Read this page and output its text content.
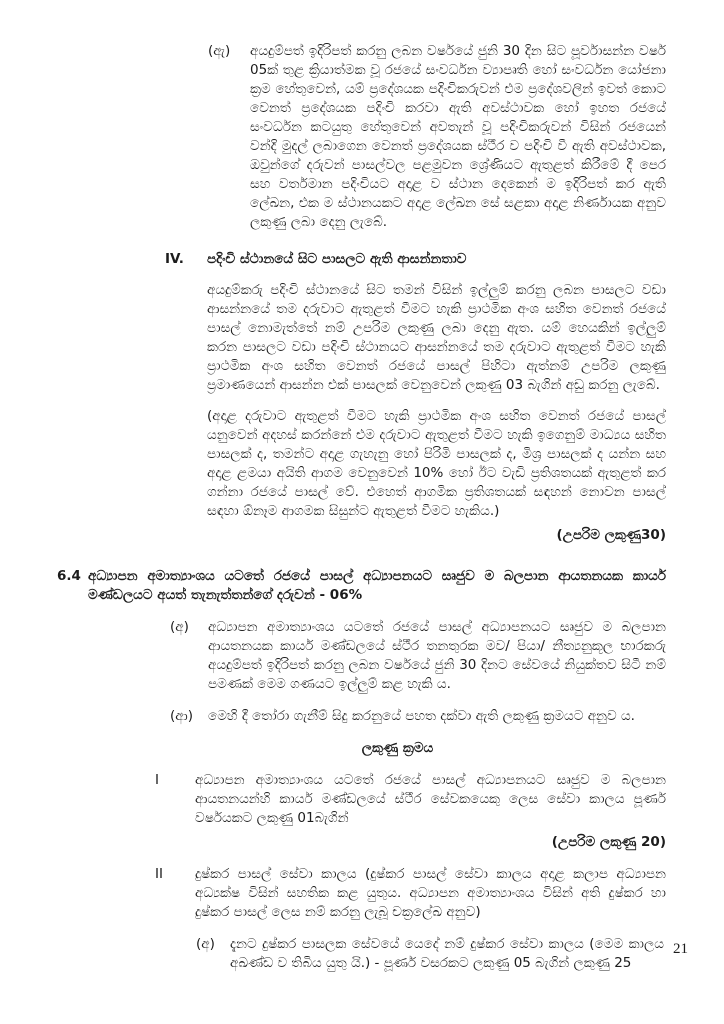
(ඇ)	අයදුම්පත් ඉදිරිපත් කරනු ලබන වර්ෂයේ ජුනි 30 දින සිට පූර්වාසන්න වර්ෂ 05ක් තුළ ක්‍රියාත්මක වූ රජයේ සංවර්ධන ව්‍යාපෘති හෝ සංවර්ධන යෝජනා ක්‍රම හේතුවෙන්, යම් ප්‍රදේශයක පදිංචිකරුවන් එම ප්‍රදේශවලින් ඉවත් කොට වෙනත් ප්‍රදේශයක පදිංචි කරවා ඇති අවස්ථාවක හෝ ඉහත රජයේ සංවර්ධන කටයුතු හේතුවෙන් අවතැන් වූ පදිංචිකරුවන් විසින් රජයෙන් වන්දි මුදල් ලබාගෙන වෙනත් ප්‍රදේශයක ස්ථීර ව පදිංචි වී ඇති අවස්ථාවක, ඔවුන්ගේ දරුවන් පාසල්වල පළමුවන ශ්‍රේණියට ඇතුළත් කිරීමේ දී පෙර සහ වර්තමාන පදිංචියට අදාළ ව ස්ථාන දෙකෙන් ම ඉදිරිපත් කර ඇති ලේඛන, එක ම ස්ථානයකට අදාළ ලේඛන සේ සළකා අදාළ නිර්ණායක අනුව ලකුණු ලබා දෙනු ලැබේ.
IV.	පදිංචි ස්ථානයේ සිට පාසලට ඇති ආසන්නතාව
අයදුම්කරු පදිංචි ස්ථානයේ සිට තමන් විසින් ඉල්ලුම් කරනු ලබන පාසලට වඩා ආසන්නයේ තම දරුවාට ඇතුළත් වීමට හැකි ප්‍රාථමික අංශ සහිත වෙනත් රජයේ පාසල් නොමැත්තේ නම් උපරිම ලකුණු ලබා දෙනු ඇත. යම් හෙයකින් ඉල්ලුම් කරන පාසලට වඩා පදිංචි ස්ථානයට ආසන්නයේ තම දරුවාට ඇතුළත් වීමට හැකි ප්‍රාථමික අංශ සහිත වෙනත් රජයේ පාසල් පිහිටා ඇත්නම් උපරිම ලකුණු ප්‍රමාණයෙන් ආසන්න එක් පාසලක් වෙනුවෙන් ලකුණු 03 බැගින් අඩු කරනු ලැබේ.
(අදාළ දරුවාට ඇතුළත් වීමට හැකි ප්‍රාථමික අංශ සහිත වෙනත් රජයේ පාසල් යනුවෙන් අදහස් කරන්නේ එම දරුවාට ඇතුළත් වීමට හැකි ඉගෙනුම් මාධ්‍යය සහිත පාසලක් ද, තමන්ට අදාළ ගැහැනු හෝ පිරිමි පාසලක් ද, මිශ්‍ර පාසලක් ද යන්න සහ අදාළ ළමයා අයිති ආගම වෙනුවෙන් 10% හෝ ඊට වැඩි ප්‍රතිශතයක් ඇතුළත් කර ගන්නා රජයේ පාසල් වේ. එහෙත් ආගමික ප්‍රතිශතයක් සඳහන් නොවන පාසල් සඳහා ඕනෑම ආගමක සිසුන්ට ඇතුළත් වීමට හැකිය.)
(උපරිම ලකුණු30)
6.4 අධ්‍යාපන අමාත්‍යාංශය යටතේ රජයේ පාසල් අධ්‍යාපනයට සෘජුව ම බලපාන ආයතනයක කාර්ය මණ්ඩලයට අයත් තැනැත්තන්ගේ දරුවන් - 06%
(අ)	අධ්‍යාපන අමාත්‍යාංශය යටතේ රජයේ පාසල් අධ්‍යාපනයට සෘජුව ම බලපාන ආයතනයක කාර්ය මණ්ඩලයේ ස්ථීර තනතුරක මව/ පියා/ නීත්‍යනුකූල භාරකරු අයදුම්පත් ඉදිරිපත් කරනු ලබන වර්ෂයේ ජුනි 30 දිනට සේවයේ නියුක්තව සිටී නම් පමණක් මෙම ගණයට ඉල්ලුම් කළ හැකි ය.
(ආ)	මෙහි දී තෝරා ගැනීම් සිදු කරනුයේ පහත දක්වා ඇති ලකුණු ක්‍රමයට අනුව ය.
ලකුණු ක්‍රමය
I	අධ්‍යාපන අමාත්‍යාංශය යටතේ රජයේ පාසල් අධ්‍යාපනයට සෘජුව ම බලපාන ආයතනයන්හි කාර්ය මණ්ඩලයේ ස්ථීර සේවකයෙකු ලෙස සේවා කාලය පූර්ණ වර්ෂයකට ලකුණු 01බැගින්
(උපරිම ලකුණු 20)
II	දුෂ්කර පාසල් සේවා කාලය (දුෂ්කර පාසල් සේවා කාලය අදාළ කලාප අධ්‍යාපන අධ්‍යක්ෂ විසින් සහතික කළ යුතුය. අධ්‍යාපන අමාත්‍යාංශය විසින් අති දුෂ්කර හා දුෂ්කර පාසල් ලෙස නම් කරනු ලැබූ චක්‍රලේඛ අනුව)
(අ)	දැනට දුෂ්කර පාසලක සේවයේ යෙදේ නම් දුෂ්කර සේවා කාලය (මෙම කාලය අඛණ්ඩ ව තිබිය යුතු යි.) - පූර්ණ වසරකට ලකුණු 05 බැගින් ලකුණු 25
21
